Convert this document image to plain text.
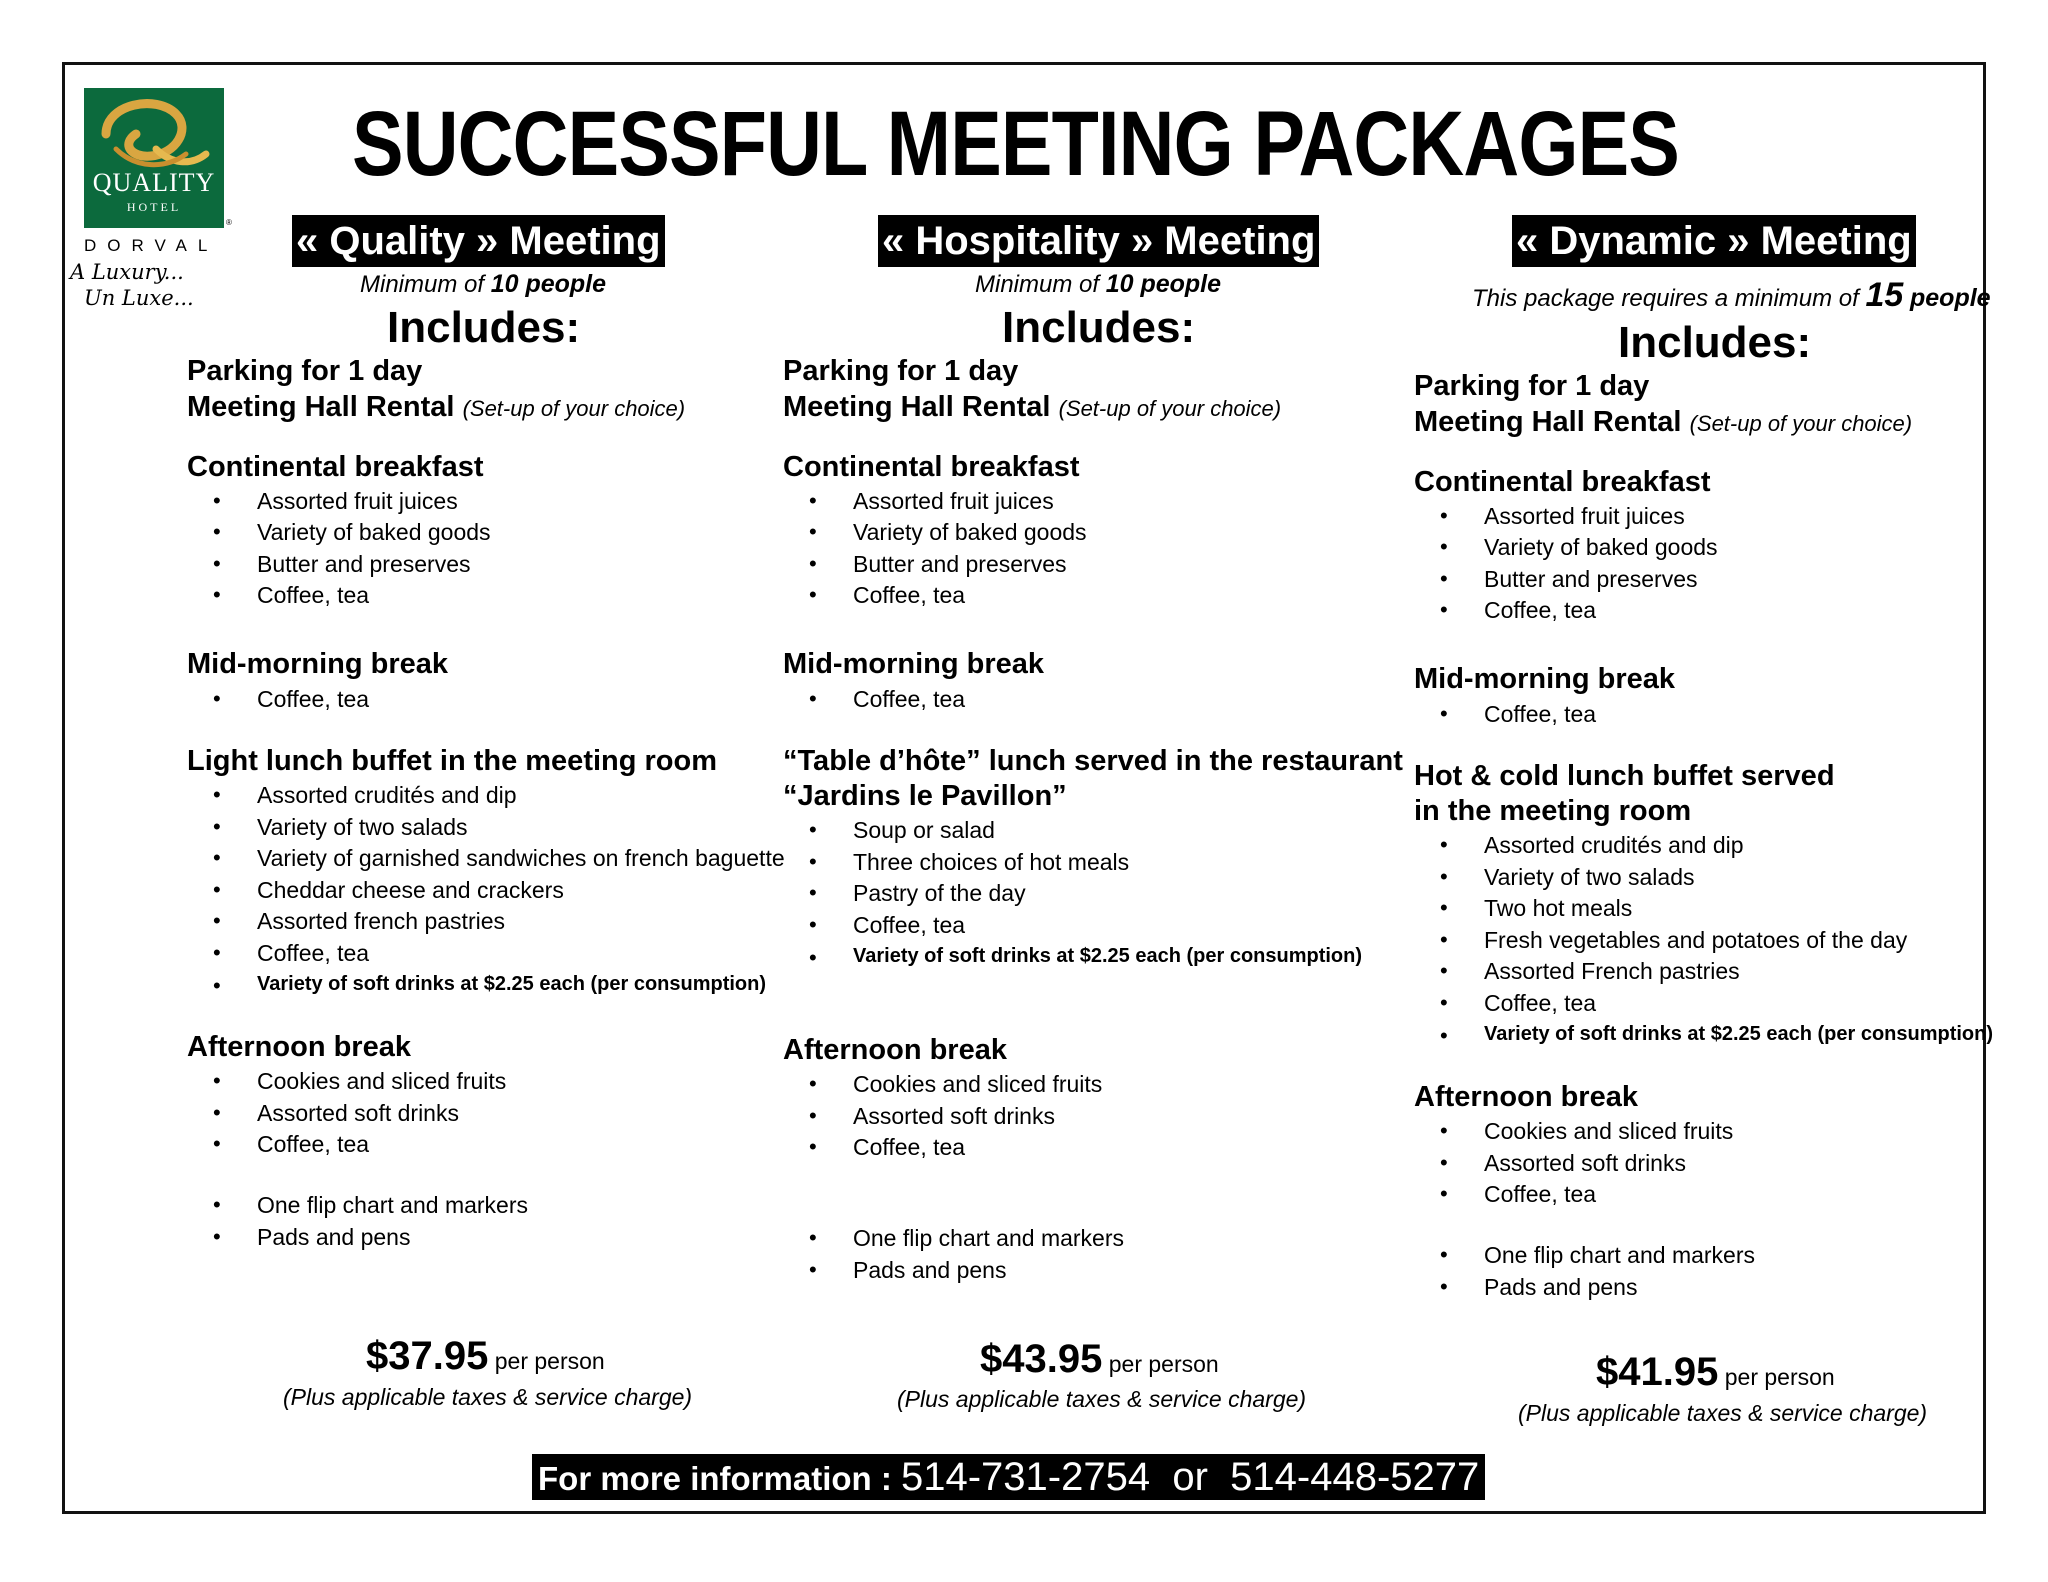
QUALITY
HOTEL
®
DORVAL
A Luxury...
Un Luxe...
SUCCESSFUL MEETING PACKAGES
« Quality » Meeting
Minimum of 10 people
Includes:
Parking for 1 day
Meeting Hall Rental (Set-up of your choice)
Continental breakfast
• Assorted fruit juices
• Variety of baked goods
• Butter and preserves
• Coffee, tea
Mid-morning break
• Coffee, tea
Light lunch buffet in the meeting room
• Assorted crudités and dip
• Variety of two salads
• Variety of garnished sandwiches on french baguette
• Cheddar cheese and crackers
• Assorted french pastries
• Coffee, tea
• Variety of soft drinks at $2.25 each (per consumption)
Afternoon break
• Cookies and sliced fruits
• Assorted soft drinks
• Coffee, tea
• One flip chart and markers
• Pads and pens
$37.95 per person
(Plus applicable taxes & service charge)
« Hospitality » Meeting
Minimum of 10 people
Includes:
Parking for 1 day
Meeting Hall Rental (Set-up of your choice)
Continental breakfast
• Assorted fruit juices
• Variety of baked goods
• Butter and preserves
• Coffee, tea
Mid-morning break
• Coffee, tea
“Table d’hôte” lunch served in the restaurant
“Jardins le Pavillon”
• Soup or salad
• Three choices of hot meals
• Pastry of the day
• Coffee, tea
• Variety of soft drinks at $2.25 each (per consumption)
Afternoon break
• Cookies and sliced fruits
• Assorted soft drinks
• Coffee, tea
• One flip chart and markers
• Pads and pens
$43.95 per person
(Plus applicable taxes & service charge)
« Dynamic » Meeting
This package requires a minimum of 15 people
Includes:
Parking for 1 day
Meeting Hall Rental (Set-up of your choice)
Continental breakfast
• Assorted fruit juices
• Variety of baked goods
• Butter and preserves
• Coffee, tea
Mid-morning break
• Coffee, tea
Hot & cold lunch buffet served
in the meeting room
• Assorted crudités and dip
• Variety of two salads
• Two hot meals
• Fresh vegetables and potatoes of the day
• Assorted French pastries
• Coffee, tea
• Variety of soft drinks at $2.25 each (per consumption)
Afternoon break
• Cookies and sliced fruits
• Assorted soft drinks
• Coffee, tea
• One flip chart and markers
• Pads and pens
$41.95 per person
(Plus applicable taxes & service charge)
For more information : 514-731-2754  or  514-448-5277
